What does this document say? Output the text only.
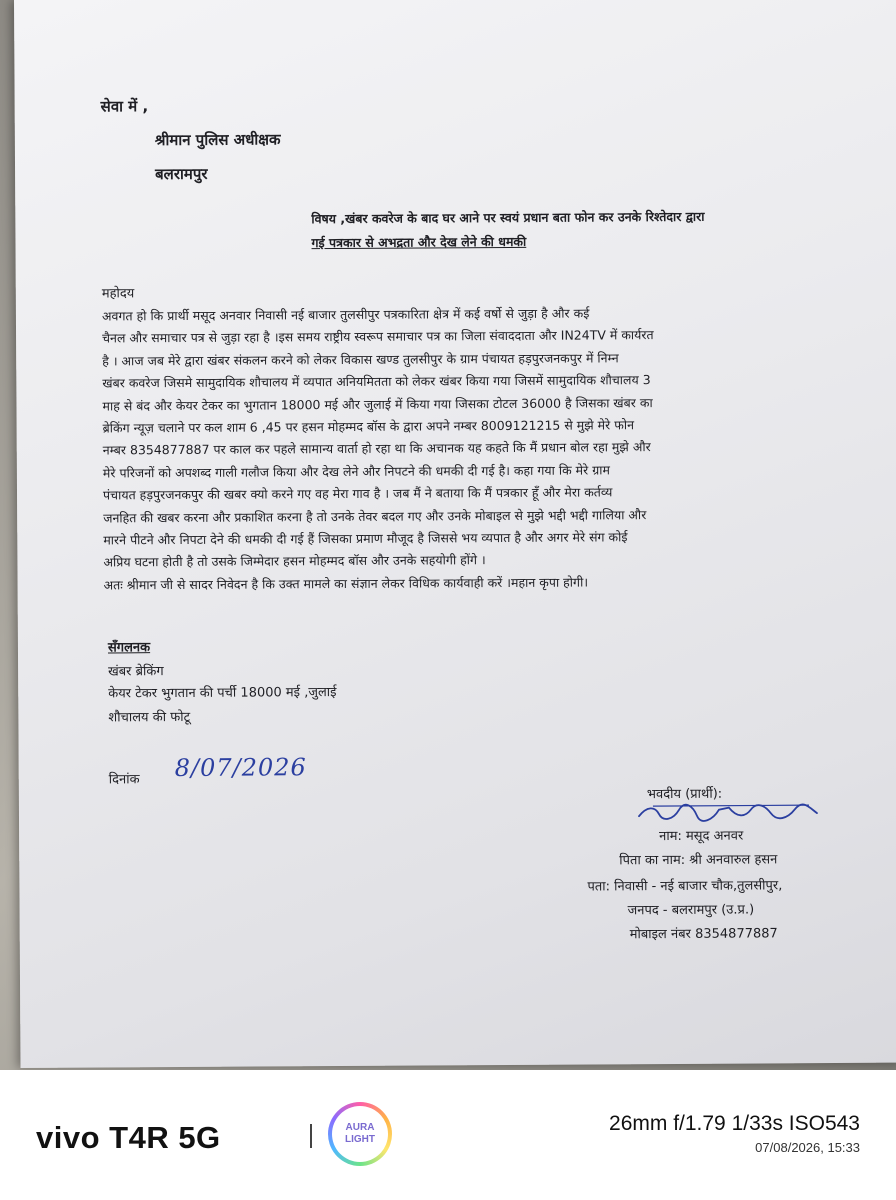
सेवा में ,
श्रीमान पुलिस अधीक्षक
बलरामपुर
विषय ,खंबर कवरेज के बाद घर आने पर स्वयं प्रधान बता फोन कर उनके रिश्तेदार द्वारा
गई पत्रकार से अभद्रता और देख लेने की धमकी
महोदय
अवगत हो कि प्रार्थी मसूद अनवार निवासी नई बाजार तुलसीपुर पत्रकारिता क्षेत्र में कई वर्षो से जुड़ा है और कई
चैनल और समाचार पत्र से जुड़ा रहा है ।इस समय राष्ट्रीय स्वरूप समाचार पत्र का जिला संवाददाता और IN24TV में कार्यरत
है । आज जब मेरे द्वारा खंबर संकलन करने को लेकर विकास खण्ड तुलसीपुर के ग्राम पंचायत हड़पुरजनकपुर में निम्न
खंबर कवरेज जिसमे सामुदायिक शौचालय में व्यपात अनियमितता को लेकर खंबर किया गया जिसमें सामुदायिक शौचालय 3
माह से बंद और केयर टेकर का भुगतान 18000 मई और जुलाई में किया गया जिसका टोटल 36000 है जिसका खंबर का
ब्रेकिंग न्यूज़ चलाने पर कल शाम 6 ,45 पर हसन मोहम्मद बॉस के द्वारा अपने नम्बर 8009121215 से मुझे मेरे फोन
नम्बर 8354877887 पर काल कर पहले सामान्य वार्ता हो रहा था कि अचानक यह कहते कि मैं प्रधान बोल रहा मुझे और
मेरे परिजनों को अपशब्द गाली गलौज किया और देख लेने और निपटने की धमकी दी गई है। कहा गया कि मेरे ग्राम
पंचायत हड़पुरजनकपुर की खबर क्यो करने गए वह मेरा गाव है । जब मैं ने बताया कि मैं पत्रकार हूँ और मेरा कर्तव्य
जनहित की खबर करना और प्रकाशित करना है तो उनके तेवर बदल गए और उनके मोबाइल से मुझे भद्दी भद्दी गालिया और
मारने पीटने और निपटा देने की धमकी दी गई हैं जिसका प्रमाण मौजूद है जिससे भय व्यपात है और अगर मेरे संग कोई
अप्रिय घटना होती है तो उसके जिम्मेदार हसन मोहम्मद बॉस और उनके सहयोगी होंगे ।
अतः श्रीमान जी से सादर निवेदन है कि उक्त मामले का संज्ञान लेकर विधिक कार्यवाही करें ।महान कृपा होगी।
सँगलनक
खंबर ब्रेकिंग
केयर टेकर भुगतान की पर्ची 18000 मई ,जुलाई
शौचालय की फोटू
दिनांक 8/07/2026
भवदीय (प्रार्थी):
नाम: मसूद अनवर
पिता का नाम: श्री अनवारुल हसन
पता: निवासी - नई बाजार चौक,तुलसीपुर,
जनपद - बलरामपुर (उ.प्र.)
मोबाइल नंबर 8354877887
vivo T4R 5G	AURA
LIGHT
26mm f/1.79 1/33s ISO543
07/08/2026, 15:33
